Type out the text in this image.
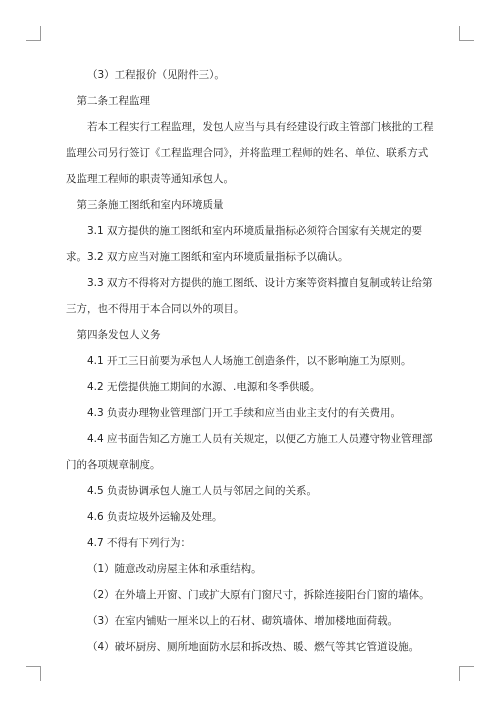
（3）工程报价（见附件三）。

第二条工程监理

若本工程实行工程监理，发包人应当与具有经建设行政主管部门核批的工程监理公司另行签订《工程监理合同》，并将监理工程师的姓名、单位、联系方式及监理工程师的职责等通知承包人。

第三条施工图纸和室内环境质量

3.1 双方提供的施工图纸和室内环境质量指标必须符合国家有关规定的要求。3.2 双方应当对施工图纸和室内环境质量指标予以确认。

3.3 双方不得将对方提供的施工图纸、设计方案等资料擅自复制或转让给第三方，也不得用于本合同以外的项目。

第四条发包人义务

4.1 开工三日前要为承包人人场施工创造条件，以不影响施工为原则。

4.2 无偿提供施工期间的水源、.电源和冬季供暖。

4.3 负责办理物业管理部门开工手续和应当由业主支付的有关费用。

4.4 应书面告知乙方施工人员有关规定，以便乙方施工人员遵守物业管理部门的各项规章制度。

4.5 负责协调承包人施工人员与邻居之间的关系。

4.6 负责垃圾外运输及处理。

4.7 不得有下列行为：

（1）随意改动房屋主体和承重结构。

（2）在外墙上开窗、门或扩大原有门窗尺寸，拆除连接阳台门窗的墙体。

（3）在室内铺贴一厘米以上的石材、砌筑墙体、增加楼地面荷载。

（4）破坏厨房、厕所地面防水层和拆改热、暖、燃气等其它管道设施。
